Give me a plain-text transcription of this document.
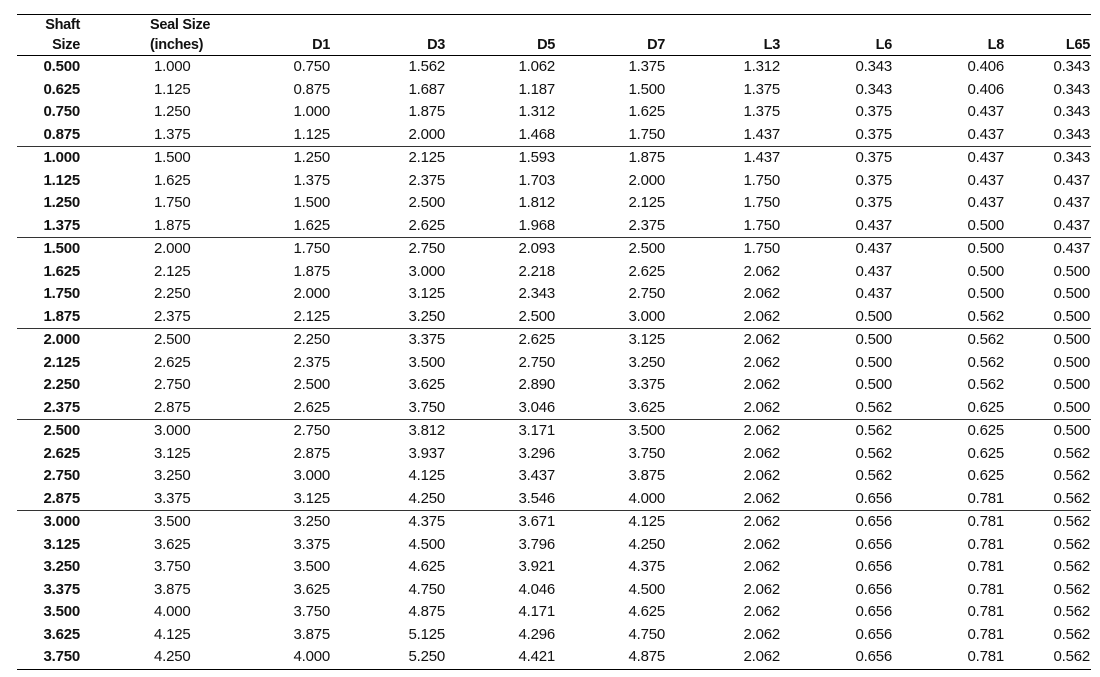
Shaft	Seal Size								
Size	(inches)	D1	D3	D5	D7	L3	L6	L8	L65
0.500	1.000	0.750	1.562	1.062	1.375	1.312	0.343	0.406	0.343
0.625	1.125	0.875	1.687	1.187	1.500	1.375	0.343	0.406	0.343
0.750	1.250	1.000	1.875	1.312	1.625	1.375	0.375	0.437	0.343
0.875	1.375	1.125	2.000	1.468	1.750	1.437	0.375	0.437	0.343
1.000	1.500	1.250	2.125	1.593	1.875	1.437	0.375	0.437	0.343
1.125	1.625	1.375	2.375	1.703	2.000	1.750	0.375	0.437	0.437
1.250	1.750	1.500	2.500	1.812	2.125	1.750	0.375	0.437	0.437
1.375	1.875	1.625	2.625	1.968	2.375	1.750	0.437	0.500	0.437
1.500	2.000	1.750	2.750	2.093	2.500	1.750	0.437	0.500	0.437
1.625	2.125	1.875	3.000	2.218	2.625	2.062	0.437	0.500	0.500
1.750	2.250	2.000	3.125	2.343	2.750	2.062	0.437	0.500	0.500
1.875	2.375	2.125	3.250	2.500	3.000	2.062	0.500	0.562	0.500
2.000	2.500	2.250	3.375	2.625	3.125	2.062	0.500	0.562	0.500
2.125	2.625	2.375	3.500	2.750	3.250	2.062	0.500	0.562	0.500
2.250	2.750	2.500	3.625	2.890	3.375	2.062	0.500	0.562	0.500
2.375	2.875	2.625	3.750	3.046	3.625	2.062	0.562	0.625	0.500
2.500	3.000	2.750	3.812	3.171	3.500	2.062	0.562	0.625	0.500
2.625	3.125	2.875	3.937	3.296	3.750	2.062	0.562	0.625	0.562
2.750	3.250	3.000	4.125	3.437	3.875	2.062	0.562	0.625	0.562
2.875	3.375	3.125	4.250	3.546	4.000	2.062	0.656	0.781	0.562
3.000	3.500	3.250	4.375	3.671	4.125	2.062	0.656	0.781	0.562
3.125	3.625	3.375	4.500	3.796	4.250	2.062	0.656	0.781	0.562
3.250	3.750	3.500	4.625	3.921	4.375	2.062	0.656	0.781	0.562
3.375	3.875	3.625	4.750	4.046	4.500	2.062	0.656	0.781	0.562
3.500	4.000	3.750	4.875	4.171	4.625	2.062	0.656	0.781	0.562
3.625	4.125	3.875	5.125	4.296	4.750	2.062	0.656	0.781	0.562
3.750	4.250	4.000	5.250	4.421	4.875	2.062	0.656	0.781	0.562
